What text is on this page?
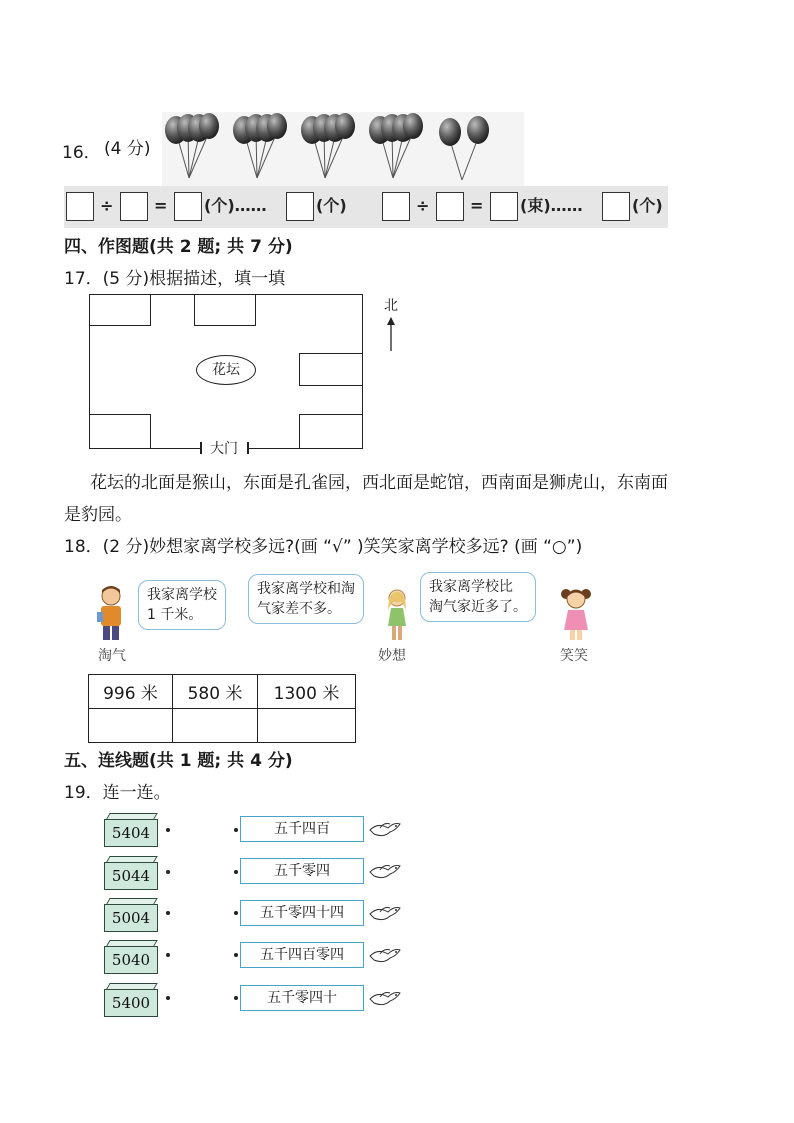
16． (4 分)
÷	= (个)……	(个)	÷	= (束)……	(个)
四、作图题(共 2 题; 共 7 分)
17．(5 分)根据描述，填一填
花坛
大门
北
花坛的北面是猴山，东面是孔雀园，西北面是蛇馆，西南面是狮虎山，东南面
是豹园。
18．(2 分)妙想家离学校多远?(画 “√” )笑笑家离学校多远? (画 “○”)
我家离学校
1 千米。
淘气
我家离学校和淘
气家差不多。
妙想
我家离学校比
淘气家近多了。
笑笑
996 米	580 米	1300 米

五、连线题(共 1 题; 共 4 分)
19．连一连。
5404	五千四百
5044	五千零四
5004	五千零四十四
5040	五千四百零四
5400	五千零四十
